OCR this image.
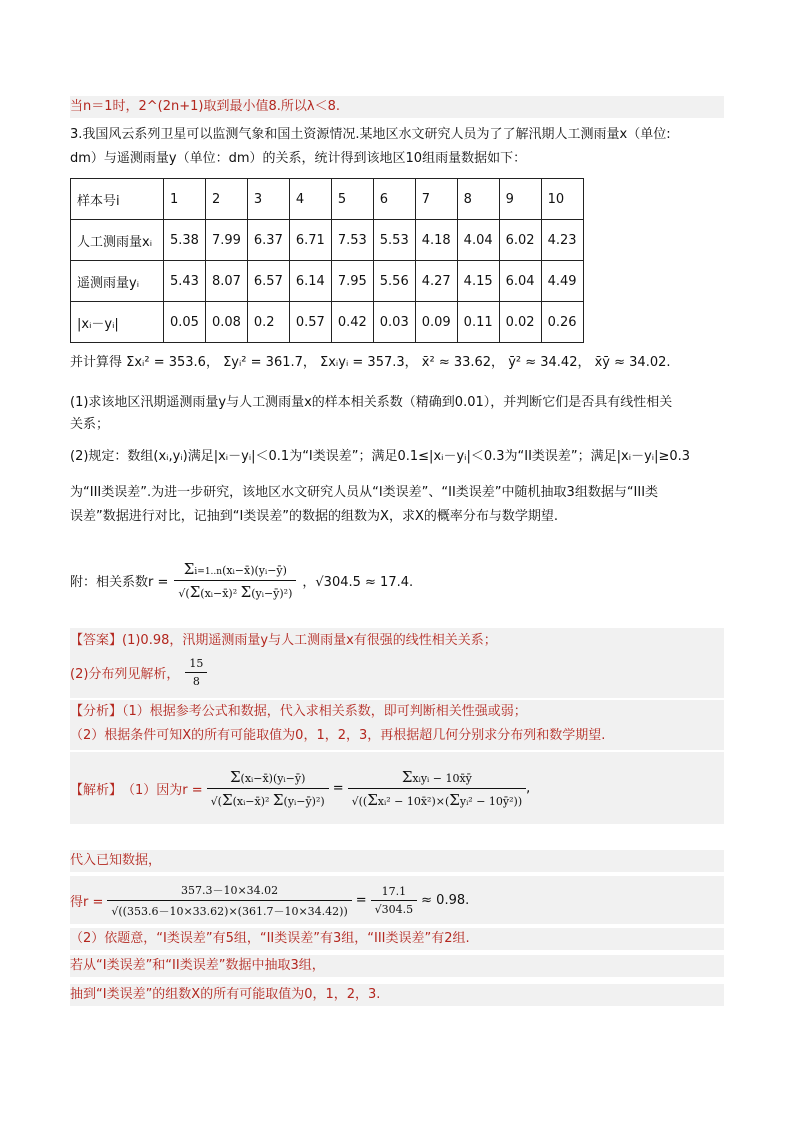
当n＝1时，2^(2n+1)取到最小值8.所以λ＜8.
3.我国风云系列卫星可以监测气象和国土资源情况.某地区水文研究人员为了了解汛期人工测雨量x（单位:
dm）与遥测雨量y（单位：dm）的关系，统计得到该地区10组雨量数据如下：
样本号i	1	2	3	4	5	6	7	8	9	10
人工测雨量xᵢ	5.38	7.99	6.37	6.71	7.53	5.53	4.18	4.04	6.02	4.23
遥测雨量yᵢ	5.43	8.07	6.57	6.14	7.95	5.56	4.27	4.15	6.04	4.49
|xᵢ－yᵢ|	0.05	0.08	0.2	0.57	0.42	0.03	0.09	0.11	0.02	0.26
并计算得 Σxᵢ² = 353.6， Σyᵢ² = 361.7， Σxᵢyᵢ = 357.3， x̄² ≈ 33.62， ȳ² ≈ 34.42， x̄ȳ ≈ 34.02.
(1)求该地区汛期遥测雨量y与人工测雨量x的样本相关系数（精确到0.01），并判断它们是否具有线性相关
关系；
(2)规定：数组(xᵢ,yᵢ)满足|xᵢ－yᵢ|＜0.1为“I类误差”；满足0.1≤|xᵢ－yᵢ|＜0.3为“II类误差”；满足|xᵢ－yᵢ|≥0.3
为“III类误差”.为进一步研究，该地区水文研究人员从“I类误差”、“II类误差”中随机抽取3组数据与“III类
误差”数据进行对比，记抽到“I类误差”的数据的组数为X，求X的概率分布与数学期望.
附：相关系数$r = \frac{\text{Σi=1..n(xᵢ−x̄)(yᵢ−ȳ)}}{\text{√(Σ(xᵢ−x̄)² Σ(yᵢ−ȳ)²)}}$ ，√304.5 ≈ 17.4.
【答案】(1)0.98，汛期遥测雨量y与人工测雨量x有很强的线性相关关系；
(2)分布列见解析， $\frac{15}{8}$
【分析】（1）根据参考公式和数据，代入求相关系数，即可判断相关性强或弱；
（2）根据条件可知X的所有可能取值为0，1，2，3，再根据超几何分别求分布列和数学期望.
【解析】 （1）因为$r = \frac{\text{Σ(xᵢ−x̄)(yᵢ−ȳ)}}{\text{√(Σ(xᵢ−x̄)² Σ(yᵢ−ȳ)²)}} = \frac{\text{Σxᵢyᵢ − 10x̄ȳ}}{\text{√((Σxᵢ² − 10x̄²)×(Σyᵢ² − 10ȳ²))}}$ ,
代入已知数据，
得$r = \frac{357.3-10\times 34.02}{√((353.6-10\times 33.62)\times(361.7-10\times 34.42))} = \frac{17.1}{√304.5} \approx 0.98$.
（2）依题意，“I类误差”有5组，“II类误差”有3组，“III类误差”有2组.
若从“I类误差”和“II类误差”数据中抽取3组，
抽到“I类误差”的组数X的所有可能取值为0，1，2，3.
